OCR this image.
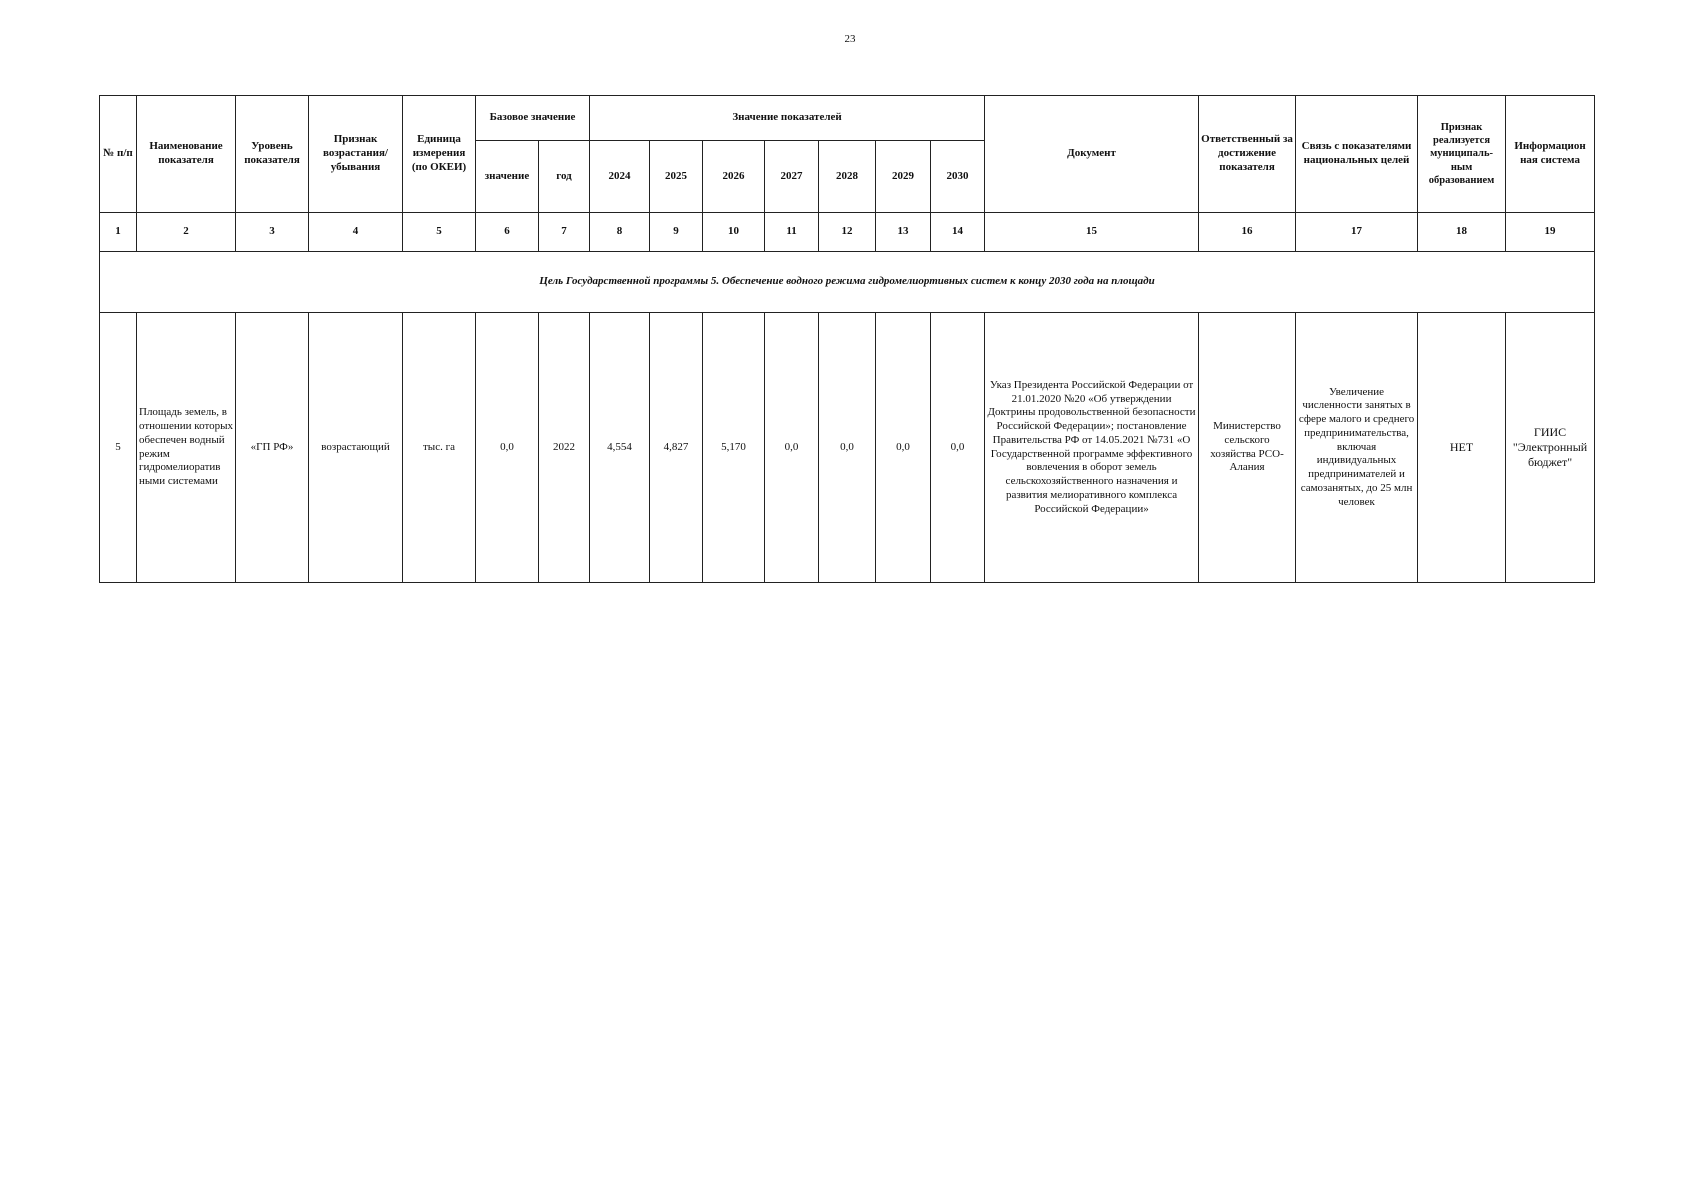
23
№ п/п	Наименование показателя	Уровень показателя	Признак возрастания/ убывания	Единица измерения (по ОКЕИ)	Базовое значение		Значение показателей							Документ	Ответственный за достижение показателя	Связь с показателями национальных целей	Признак реализуется муниципаль- ным образованием	Информацион ная система
					значение	год	2024	2025	2026	2027	2028	2029	2030					
1	2	3	4	5	6	7	8	9	10	11	12	13	14	15	16	17	18	19
Цель Государственной программы 5. Обеспечение водного режима гидромелиортивных систем к концу 2030 года на площади																		
5	Площадь земель, в отношении которых обеспечен водный режим гидромелиоратив ными системами	«ГП РФ»	возрастающий	тыс. га	0,0	2022	4,554	4,827	5,170	0,0	0,0	0,0	0,0	Указ Президента Российской Федерации от 21.01.2020 №20 «Об утверждении Доктрины продовольственной безопасности Российской Федерации»; постановление Правительства РФ от 14.05.2021 №731 «О Государственной программе эффективного вовлечения в оборот земель сельскохозяйственного назначения и развития мелиоративного комплекса Российской Федерации»	Министерство сельского хозяйства РСО-Алания	Увеличение численности занятых в сфере малого и среднего предпринимательства, включая индивидуальных предпринимателей и самозанятых, до 25 млн человек	НЕТ	ГИИС "Электронный бюджет"
